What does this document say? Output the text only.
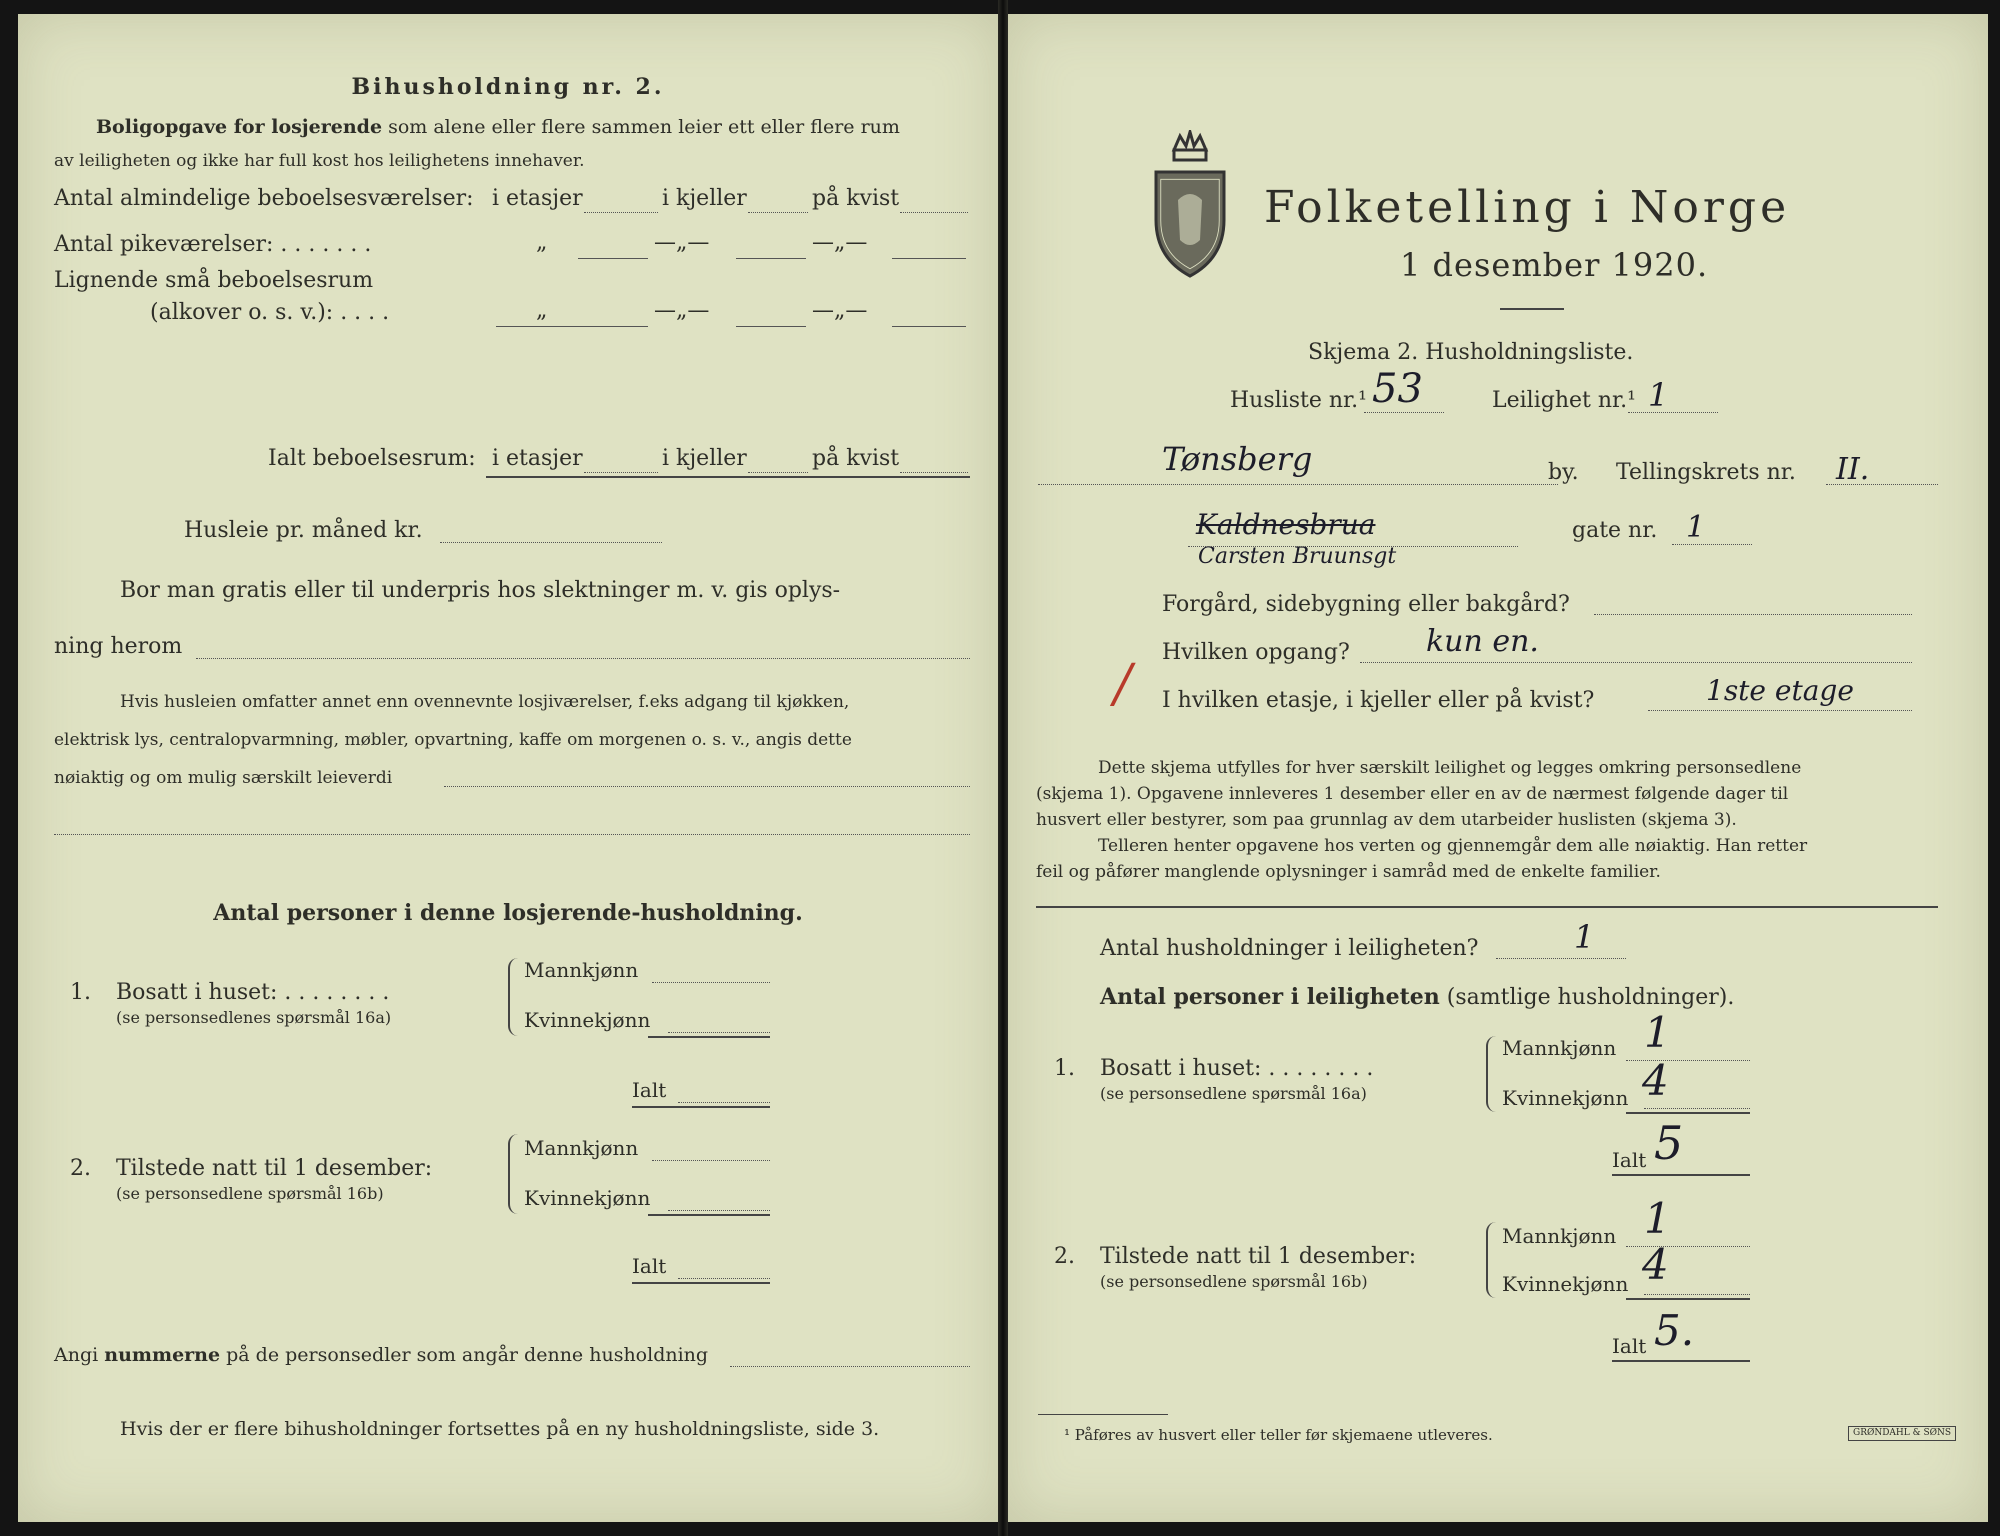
Bihusholdning nr. 2.
Boligopgave for losjerende som alene eller flere sammen leier ett eller flere rum
av leiligheten og ikke har full kost hos leilighetens innehaver.
Antal almindelige beboelsesværelser: i etasjer	i kjeller	på kvist
Antal pikeværelser: . . . . . . .	„	—„—	—„—
Lignende små beboelsesrum
(alkover o. s. v.): . . . .	„	—„—	—„—
Ialt beboelsesrum: i etasjer	i kjeller	på kvist
Husleie pr. måned kr.
Bor man gratis eller til underpris hos slektninger m. v. gis oplys-
ning herom
Hvis husleien omfatter annet enn ovennevnte losjiværelser, f.eks adgang til kjøkken,
elektrisk lys, centralopvarmning, møbler, opvartning, kaffe om morgenen o. s. v., angis dette
nøiaktig og om mulig særskilt leieverdi
Antal personer i denne losjerende-husholdning.
1. Bosatt i huset: . . . . . . . .
(se personsedlenes spørsmål 16a)
Mannkjønn
Kvinnekjønn
Ialt
2. Tilstede natt til 1 desember:
(se personsedlene spørsmål 16b)
Mannkjønn
Kvinnekjønn
Ialt
Angi nummerne på de personsedler som angår denne husholdning
Hvis der er flere bihusholdninger fortsettes på en ny husholdningsliste, side 3.
Folketelling i Norge
1 desember 1920.
Skjema 2. Husholdningsliste.
Husliste nr.¹ 53	Leilighet nr.¹ 1
Tønsberg	by. Tellingskrets nr. II.
Kaldnesbrua
Carsten Bruunsgt
gate nr. 1
Forgård, sidebygning eller bakgård?
Hvilken opgang?	kun en.
/ I hvilken etasje, i kjeller eller på kvist?	1ste etage
Dette skjema utfylles for hver særskilt leilighet og legges omkring personsedlene
(skjema 1). Opgavene innleveres 1 desember eller en av de nærmest følgende dager til
husvert eller bestyrer, som paa grunnlag av dem utarbeider huslisten (skjema 3).
Telleren henter opgavene hos verten og gjennemgår dem alle nøiaktig. Han retter
feil og påfører manglende oplysninger i samråd med de enkelte familier.
Antal husholdninger i leiligheten?	1
Antal personer i leiligheten (samtlige husholdninger).
1. Bosatt i huset: . . . . . . . .
(se personsedlene spørsmål 16a)
Mannkjønn 1
Kvinnekjønn 4
Ialt 5
2. Tilstede natt til 1 desember:
(se personsedlene spørsmål 16b)
Mannkjønn 1
Kvinnekjønn 4
Ialt 5.
¹ Påføres av husvert eller teller før skjemaene utleveres.	GRØNDAHL & SØNS
